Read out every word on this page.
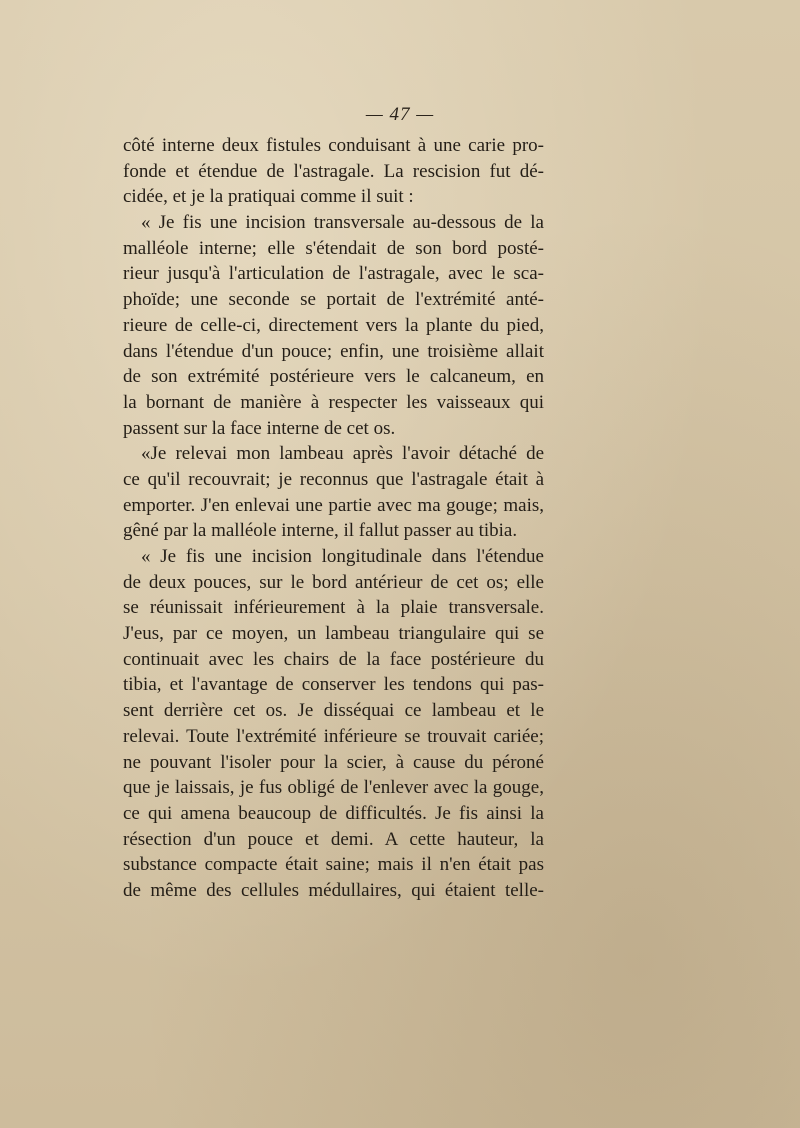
— 47 —
côté interne deux fistules conduisant à une carie pro-
fonde et étendue de l'astragale. La rescision fut dé-
cidée, et je la pratiquai comme il suit :
« Je fis une incision transversale au-dessous de la
malléole interne; elle s'étendait de son bord posté-
rieur jusqu'à l'articulation de l'astragale, avec le sca-
phoïde; une seconde se portait de l'extrémité anté-
rieure de celle-ci, directement vers la plante du pied,
dans l'étendue d'un pouce; enfin, une troisième allait
de son extrémité postérieure vers le calcaneum, en
la bornant de manière à respecter les vaisseaux qui
passent sur la face interne de cet os.
«Je relevai mon lambeau après l'avoir détaché de
ce qu'il recouvrait; je reconnus que l'astragale était à
emporter. J'en enlevai une partie avec ma gouge; mais,
gêné par la malléole interne, il fallut passer au tibia.
« Je fis une incision longitudinale dans l'étendue
de deux pouces, sur le bord antérieur de cet os; elle
se réunissait inférieurement à la plaie transversale.
J'eus, par ce moyen, un lambeau triangulaire qui se
continuait avec les chairs de la face postérieure du
tibia, et l'avantage de conserver les tendons qui pas-
sent derrière cet os. Je disséquai ce lambeau et le
relevai. Toute l'extrémité inférieure se trouvait cariée;
ne pouvant l'isoler pour la scier, à cause du péroné
que je laissais, je fus obligé de l'enlever avec la gouge,
ce qui amena beaucoup de difficultés. Je fis ainsi la
résection d'un pouce et demi. A cette hauteur, la
substance compacte était saine; mais il n'en était pas
de même des cellules médullaires, qui étaient telle-
